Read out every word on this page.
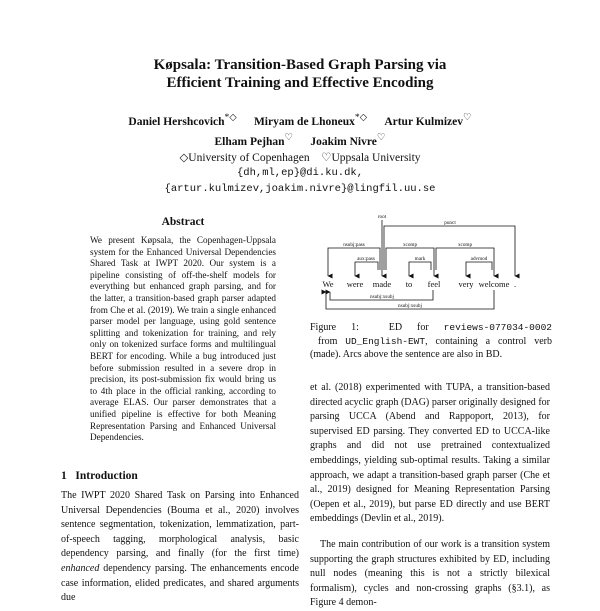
Køpsala: Transition-Based Graph Parsing via
Efficient Training and Effective Encoding
Daniel Hershcovich*◇ Miryam de Lhoneux*◇ Artur Kulmizev♡
Elham Pejhan♡ Joakim Nivre♡
◇University of Copenhagen    ♡Uppsala University
{dh,ml,ep}@di.ku.dk,
{artur.kulmizev,joakim.nivre}@lingfil.uu.se
Abstract
We present Køpsala, the Copenhagen-Uppsala system for the Enhanced Universal Dependencies Shared Task at IWPT 2020. Our system is a pipeline consisting of off-the-shelf models for everything but enhanced graph parsing, and for the latter, a transition-based graph parser adapted from Che et al. (2019). We train a single enhanced parser model per language, using gold sentence splitting and tokenization for training, and rely only on tokenized surface forms and multilingual BERT for encoding. While a bug introduced just before submission resulted in a severe drop in precision, its post-submission fix would bring us to 4th place in the official ranking, according to average ELAS. Our parser demonstrates that a unified pipeline is effective for both Meaning Representation Parsing and Enhanced Universal Dependencies.
1   Introduction
The IWPT 2020 Shared Task on Parsing into Enhanced Universal Dependencies (Bouma et al., 2020) involves sentence segmentation, tokenization, lemmatization, part-of-speech tagging, morphological analysis, basic dependency parsing, and finally (for the first time) enhanced dependency parsing. The enhancements encode case information, elided predicates, and shared arguments due
root
punct
nsubj:pass	xcomp	xcomp
aux:pass	mark	advmod
nsubj:xsubj
nsubj:xsubj
We were made to feel very welcome .
Figure 1:  ED for reviews-077034-0002 from UD_English-EWT, containing a control verb (made). Arcs above the sentence are also in BD.
et al. (2018) experimented with TUPA, a transition-based directed acyclic graph (DAG) parser originally designed for parsing UCCA (Abend and Rappoport, 2013), for supervised ED parsing. They converted ED to UCCA-like graphs and did not use pretrained contextualized embeddings, yielding sub-optimal results. Taking a similar approach, we adapt a transition-based graph parser (Che et al., 2019) designed for Meaning Representation Parsing (Oepen et al., 2019), but parse ED directly and use BERT embeddings (Devlin et al., 2019).
The main contribution of our work is a transition system supporting the graph structures exhibited by ED, including null nodes (meaning this is not a strictly bilexical formalism), cycles and non-crossing graphs (§3.1), as Figure 4 demon-
